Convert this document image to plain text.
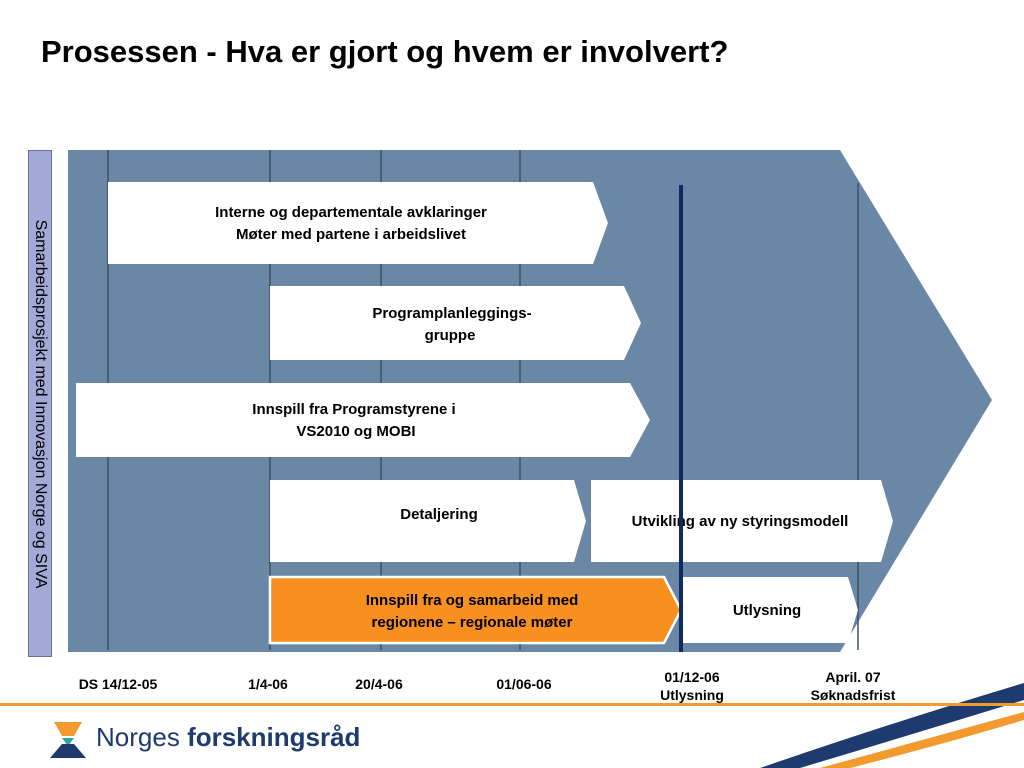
Prosessen - Hva er gjort og hvem er involvert?
Samarbeidsprosjekt med Innovasjon Norge og SIVA
Interne og departementale avklaringer
Møter med partene i arbeidslivet
Programplanleggings-
gruppe
Innspill fra Programstyrene i
VS2010 og MOBI
Detaljering	Utvikling av ny styringsmodell
Innspill fra og samarbeid med
regionene – regionale møter
Utlysning
DS 14/12-05	1/4-06	20/4-06	01/06-06	01/12-06
Utlysning
April. 07
Søknadsfrist
Norges forskningsråd
